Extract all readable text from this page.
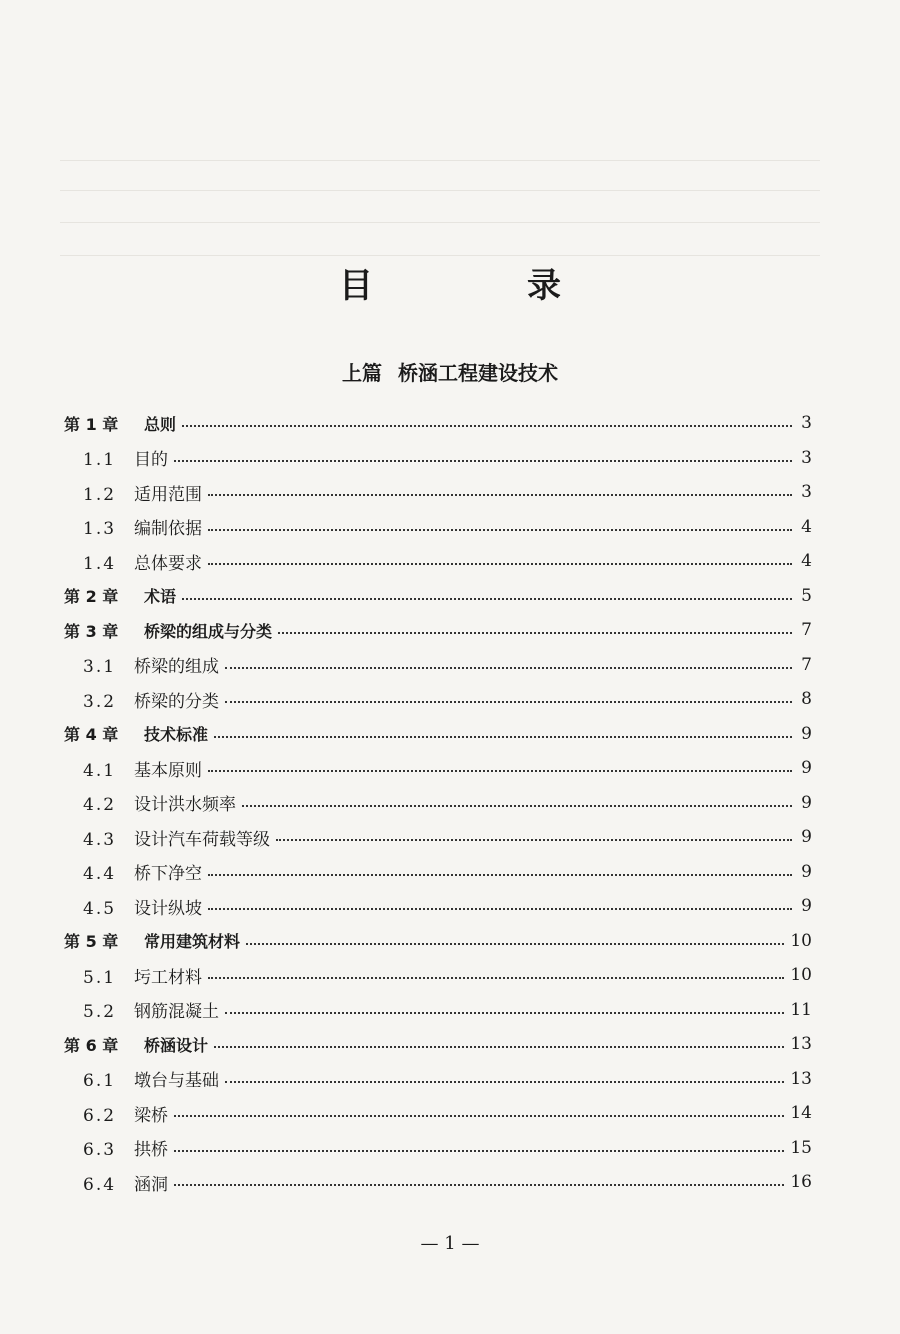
目　录
上篇 桥涵工程建设技术
第 1 章 总则	3
1.1 目的	3
1.2 适用范围	3
1.3 编制依据	4
1.4 总体要求	4
第 2 章 术语	5
第 3 章 桥梁的组成与分类	7
3.1 桥梁的组成	7
3.2 桥梁的分类	8
第 4 章 技术标准	9
4.1 基本原则	9
4.2 设计洪水频率	9
4.3 设计汽车荷载等级	9
4.4 桥下净空	9
4.5 设计纵坡	9
第 5 章 常用建筑材料	10
5.1 圬工材料	10
5.2 钢筋混凝土	11
第 6 章 桥涵设计	13
6.1 墩台与基础	13
6.2 梁桥	14
6.3 拱桥	15
6.4 涵洞	16
— 1 —
